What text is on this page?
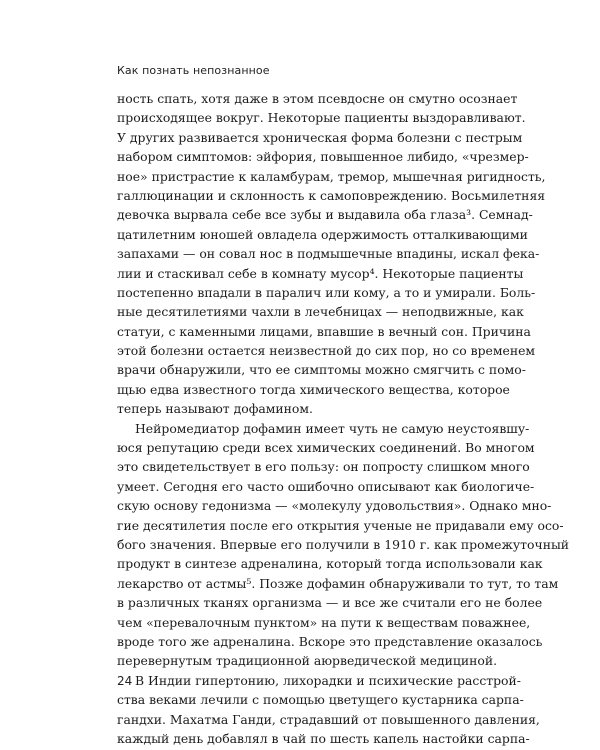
Как познать непознанное
ность спать, хотя даже в этом псевдосне он смутно осознает
происходящее вокруг. Некоторые пациенты выздоравливают.
У других развивается хроническая форма болезни с пестрым
набором симптомов: эйфория, повышенное либидо, «чрезмер-
ное» пристрастие к каламбурам, тремор, мышечная ригидность,
галлюцинации и склонность к самоповреждению. Восьмилетняя
девочка вырвала себе все зубы и выдавила оба глаза³. Семнад-
цатилетним юношей овладела одержимость отталкивающими
запахами — он совал нос в подмышечные впадины, искал фека-
лии и стаскивал себе в комнату мусор⁴. Некоторые пациенты
постепенно впадали в паралич или кому, а то и умирали. Боль-
ные десятилетиями чахли в лечебницах — неподвижные, как
статуи, с каменными лицами, впавшие в вечный сон. Причина
этой болезни остается неизвестной до сих пор, но со временем
врачи обнаружили, что ее симптомы можно смягчить с помо-
щью едва известного тогда химического вещества, которое
теперь называют дофамином.
Нейромедиатор дофамин имеет чуть не самую неустоявшу-
юся репутацию среди всех химических соединений. Во многом
это свидетельствует в его пользу: он попросту слишком много
умеет. Сегодня его часто ошибочно описывают как биологиче-
скую основу гедонизма — «молекулу удовольствия». Однако мно-
гие десятилетия после его открытия ученые не придавали ему осо-
бого значения. Впервые его получили в 1910 г. как промежуточный
продукт в синтезе адреналина, который тогда использовали как
лекарство от астмы⁵. Позже дофамин обнаруживали то тут, то там
в различных тканях организма — и все же считали его не более
чем «перевалочным пунктом» на пути к веществам поважнее,
вроде того же адреналина. Вскоре это представление оказалось
перевернутым традиционной аюрведической медициной.
В Индии гипертонию, лихорадки и психические расстрой-
ства веками лечили с помощью цветущего кустарника сарпа-
гандхи. Махатма Ганди, страдавший от повышенного давления,
каждый день добавлял в чай по шесть капель настойки сарпа-
24
